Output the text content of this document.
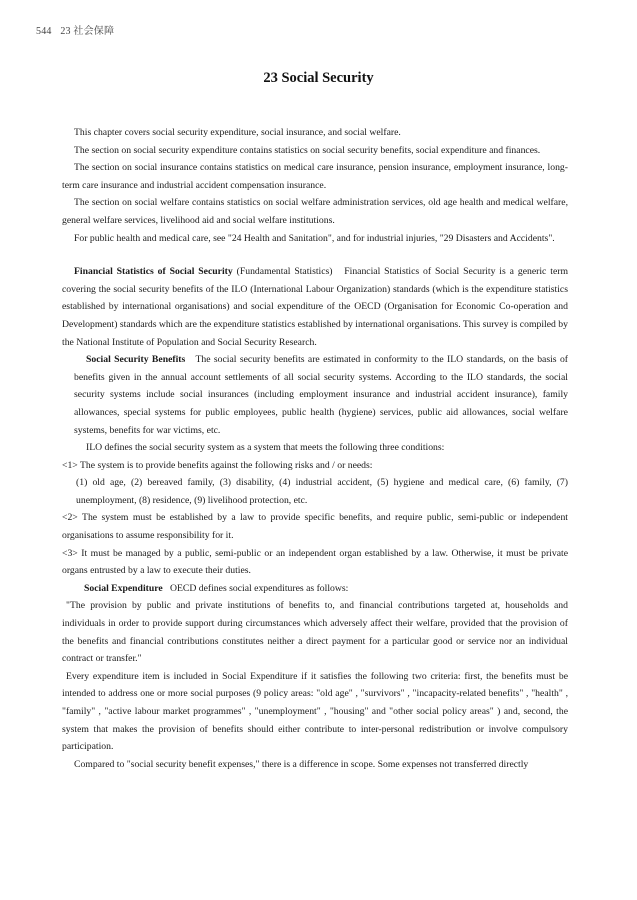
544 23 社会保障
23 Social Security

This chapter covers social security expenditure, social insurance, and social welfare.

The section on social security expenditure contains statistics on social security benefits, social expenditure and finances.

The section on social insurance contains statistics on medical care insurance, pension insurance, employment insurance, long-term care insurance and industrial accident compensation insurance.

The section on social welfare contains statistics on social welfare administration services, old age health and medical welfare, general welfare services, livelihood aid and social welfare institutions.

For public health and medical care, see "24 Health and Sanitation", and for industrial injuries, "29 Disasters and Accidents".

Financial Statistics of Social Security (Fundamental Statistics) Financial Statistics of Social Security is a generic term covering the social security benefits of the ILO (International Labour Organization) standards (which is the expenditure statistics established by international organisations) and social expenditure of the OECD (Organisation for Economic Co-operation and Development) standards which are the expenditure statistics established by international organisations. This survey is compiled by the National Institute of Population and Social Security Research.

Social Security Benefits The social security benefits are estimated in conformity to the ILO standards, on the basis of benefits given in the annual account settlements of all social security systems. According to the ILO standards, the social security systems include social insurances (including employment insurance and industrial accident insurance), family allowances, special systems for public employees, public health (hygiene) services, public aid allowances, social welfare systems, benefits for war victims, etc.

ILO defines the social security system as a system that meets the following three conditions:

<1> The system is to provide benefits against the following risks and / or needs:

(1) old age, (2) bereaved family, (3) disability, (4) industrial accident, (5) hygiene and medical care, (6) family, (7) unemployment, (8) residence, (9) livelihood protection, etc.

<2> The system must be established by a law to provide specific benefits, and require public, semi-public or independent organisations to assume responsibility for it.

<3> It must be managed by a public, semi-public or an independent organ established by a law. Otherwise, it must be private organs entrusted by a law to execute their duties.

Social Expenditure OECD defines social expenditures as follows:

"The provision by public and private institutions of benefits to, and financial contributions targeted at, households and individuals in order to provide support during circumstances which adversely affect their welfare, provided that the provision of the benefits and financial contributions constitutes neither a direct payment for a particular good or service nor an individual contract or transfer."

Every expenditure item is included in Social Expenditure if it satisfies the following two criteria: first, the benefits must be intended to address one or more social purposes (9 policy areas: "old age" , "survivors" , "incapacity-related benefits" , "health" , "family" , "active labour market programmes" , "unemployment" , "housing" and "other social policy areas" ) and, second, the system that makes the provision of benefits should either contribute to inter-personal redistribution or involve compulsory participation.

Compared to "social security benefit expenses," there is a difference in scope. Some expenses not transferred directly
